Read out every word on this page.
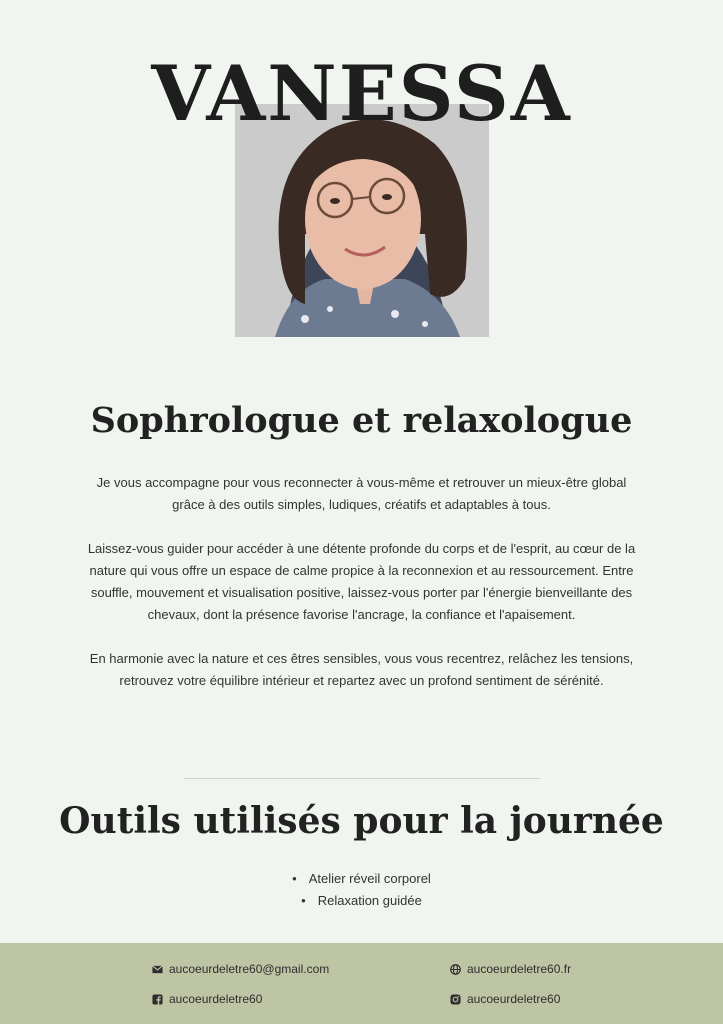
VANESSA
Sophrologue et relaxologue

Je vous accompagne pour vous reconnecter à vous-même et retrouver un mieux-être global grâce à des outils simples, ludiques, créatifs et adaptables à tous.

Laissez-vous guider pour accéder à une détente profonde du corps et de l'esprit, au cœur de la nature qui vous offre un espace de calme propice à la reconnexion et au ressourcement. Entre souffle, mouvement et visualisation positive, laissez-vous porter par l'énergie bienveillante des chevaux, dont la présence favorise l'ancrage, la confiance et l'apaisement.

En harmonie avec la nature et ces êtres sensibles, vous vous recentrez, relâchez les tensions, retrouvez votre équilibre intérieur et repartez avec un profond sentiment de sérénité.

Outils utilisés pour la journée
• Atelier réveil corporel
• Relaxation guidée
aucoeurdeletre60@gmail.com	aucoeurdeletre60.fr
aucoeurdeletre60	aucoeurdeletre60
